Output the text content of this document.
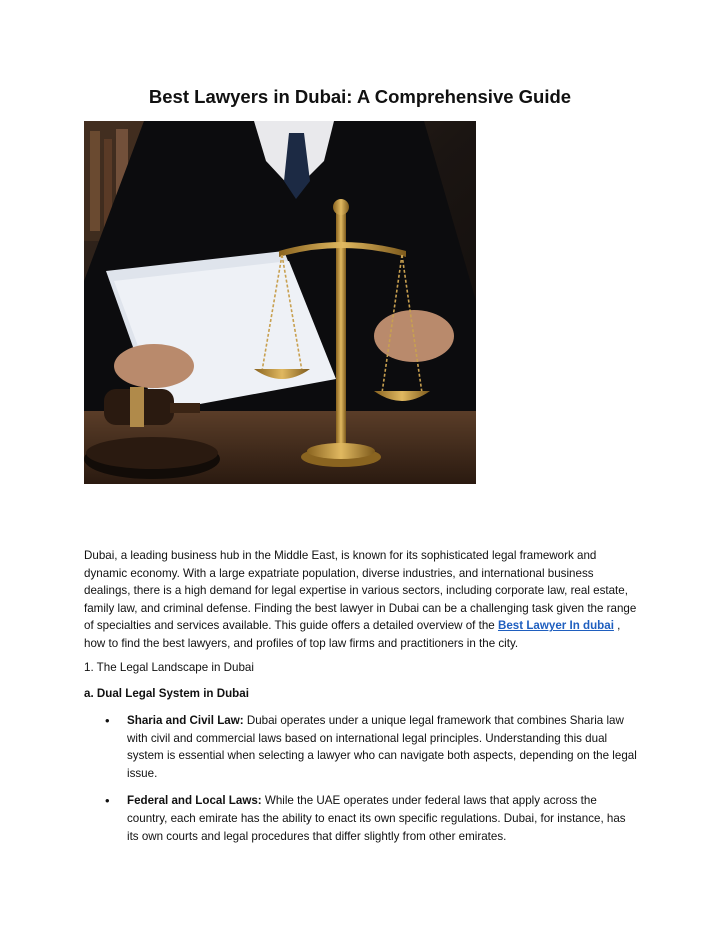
Best Lawyers in Dubai: A Comprehensive Guide
Dubai, a leading business hub in the Middle East, is known for its sophisticated legal framework and dynamic economy. With a large expatriate population, diverse industries, and international business dealings, there is a high demand for legal expertise in various sectors, including corporate law, real estate, family law, and criminal defense. Finding the best lawyer in Dubai can be a challenging task given the range of specialties and services available. This guide offers a detailed overview of the Best Lawyer In dubai , how to find the best lawyers, and profiles of top law firms and practitioners in the city.
1. The Legal Landscape in Dubai
a. Dual Legal System in Dubai
• Sharia and Civil Law: Dubai operates under a unique legal framework that combines Sharia law with civil and commercial laws based on international legal principles. Understanding this dual system is essential when selecting a lawyer who can navigate both aspects, depending on the legal issue.
• Federal and Local Laws: While the UAE operates under federal laws that apply across the country, each emirate has the ability to enact its own specific regulations. Dubai, for instance, has its own courts and legal procedures that differ slightly from other emirates.
